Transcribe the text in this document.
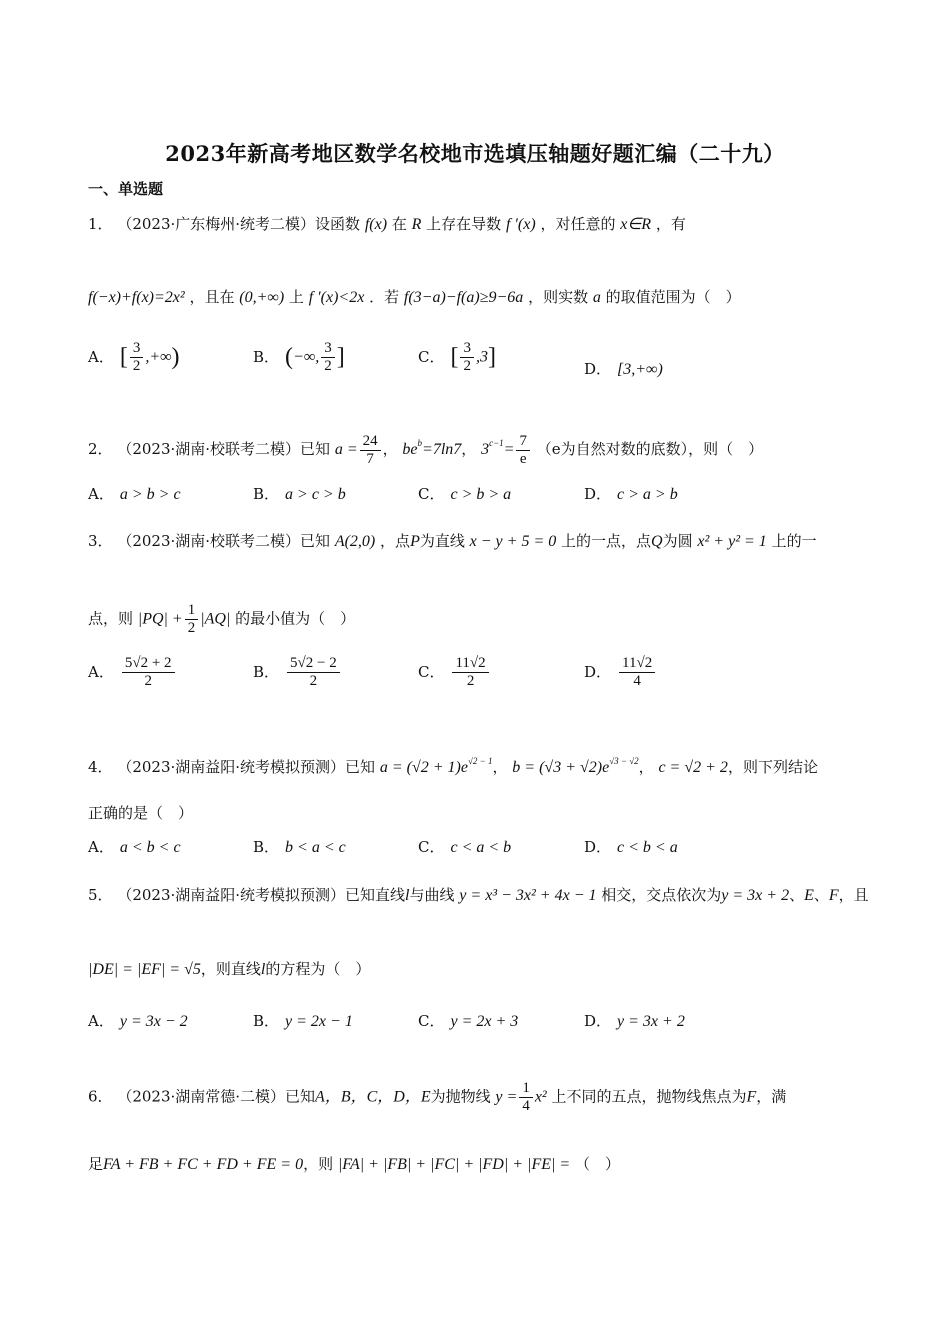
2023年新高考地区数学名校地市选填压轴题好题汇编（二十九）
一、单选题
1． （2023·广东梅州·统考二模）设函数 f(x) 在 R 上存在导数 f ′(x) ，对任意的 x∈R ，有
f(−x)+f(x)=2x² ，且在 (0,+∞) 上 f ′(x)<2x ．若 f(3−a)−f(a)≥9−6a ，则实数 a 的取值范围为（　）
A． [ $\frac{3}{2}$ ,+∞)	B． (−∞, $\frac{3}{2}$ ]	C． [ $\frac{3}{2} ,3$]	D． [3,+∞)
2． （2023·湖南·校联考二模）已知 $a = \frac{24}{7}$ ， $be^b=7\ln 7$， $3^{c-1}= \frac{7}{e} (e$为自然对数的底数），则（　）
A． a > b > c	B． a > c > b	C． c > b > a	D． c > a > b
3． （2023·湖南·校联考二模）已知 A(2,0) ，点P为直线 x − y + 5 = 0 上的一点，点Q为圆 x² + y² = 1 上的一
点，则 $|PQ| + \frac{1}{2} |AQ|$ 的最小值为（　）
A． $\frac{5√2 + 2}{2}$	B． $\frac{5√2 - 2}{2}$	C． $\frac{11√2}{2}$	D． $\frac{11√2}{4}$
4． （2023·湖南益阳·统考模拟预测）已知 $a = (√2 + 1)e^{√2 - 1}$， $b = (√3 + √2)e^{√3 - √2}$， c = √2 + 2，则下列结论
正确的是（　）
A． a < b < c	B． b < a < c	C． c < a < b	D． c < b < a
5． （2023·湖南益阳·统考模拟预测）已知直线l与曲线 y = x³ − 3x² + 4x − 1 相交，交点依次为y = 3x + 2、E、F，且
|DE| = |EF| = √5，则直线l的方程为（　）
A． y = 3x − 2	B． y = 2x − 1	C． y = 2x + 3	D． y = 3x + 2
6． （2023·湖南常德·二模）已知A，B，C，D，E为抛物线 $y = \frac{1}{4} x^2$ 上不同的五点，抛物线焦点为F，满
足FA + FB + FC + FD + FE = 0，则 |FA| + |FB| + |FC| + |FD| + |FE| = （　）
